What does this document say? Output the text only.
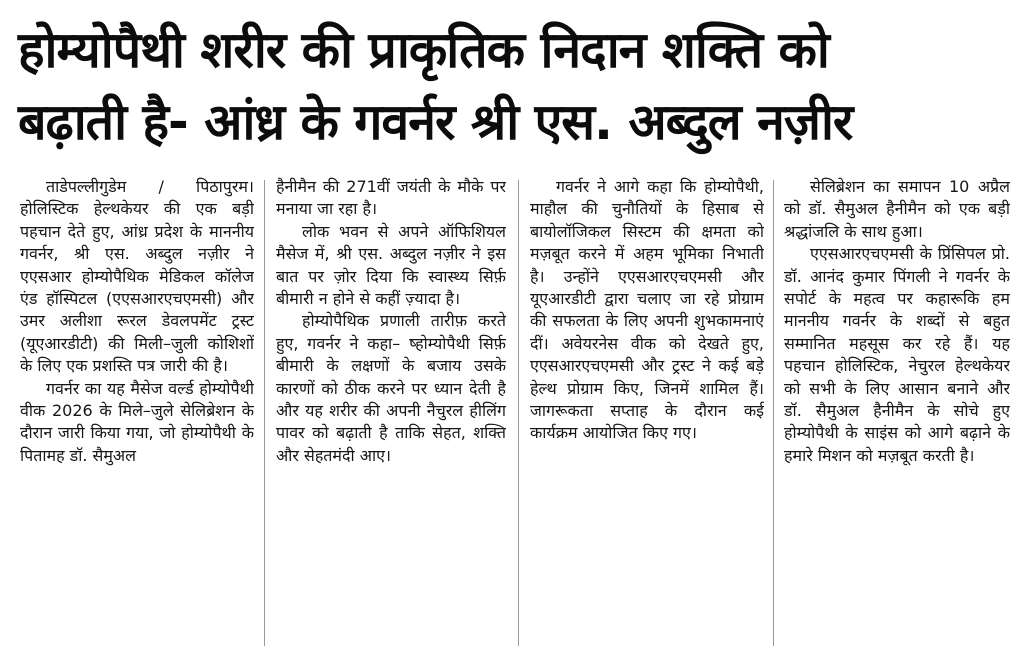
होम्योपैथी शरीर की प्राकृतिक निदान शक्ति को
बढ़ाती है- आंध्र के गवर्नर श्री एस. अब्दुल नज़ीर

ताडेपल्लीगुडेम / पिठापुरम। होलिस्टिक हेल्थकेयर की एक बड़ी पहचान देते हुए, आंध्र प्रदेश के माननीय गवर्नर, श्री एस. अब्दुल नज़ीर ने एएसआर होम्योपैथिक मेडिकल कॉलेज एंड हॉस्पिटल (एएसआरएचएमसी) और उमर अलीशा रूरल डेवलपमेंट ट्रस्ट (यूएआरडीटी) की मिली–जुली कोशिशों के लिए एक प्रशस्ति पत्र जारी की है।

गवर्नर का यह मैसेज वर्ल्ड होम्योपैथी वीक 2026 के मिले–जुले सेलिब्रेशन के दौरान जारी किया गया, जो होम्योपैथी के पितामह डॉ. सैमुअल

हैनीमैन की 271वीं जयंती के मौके पर मनाया जा रहा है।

लोक भवन से अपने ऑफिशियल मैसेज में, श्री एस. अब्दुल नज़ीर ने इस बात पर ज़ोर दिया कि स्वास्थ्य सिर्फ़ बीमारी न होने से कहीं ज़्यादा है।

होम्योपैथिक प्रणाली तारीफ़ करते हुए, गवर्नर ने कहा– ष्होम्योपैथी सिर्फ़ बीमारी के लक्षणों के बजाय उसके कारणों को ठीक करने पर ध्यान देती है और यह शरीर की अपनी नैचुरल हीलिंग पावर को बढ़ाती है ताकि सेहत, शक्ति और सेहतमंदी आए।

गवर्नर ने आगे कहा कि होम्योपैथी, माहौल की चुनौतियों के हिसाब से बायोलॉजिकल सिस्टम की क्षमता को मज़बूत करने में अहम भूमिका निभाती है। उन्होंने एएसआरएचएमसी और यूएआरडीटी द्वारा चलाए जा रहे प्रोग्राम की सफलता के लिए अपनी शुभकामनाएं दीं। अवेयरनेस वीक को देखते हुए, एएसआरएचएमसी और ट्रस्ट ने कई बड़े हेल्थ प्रोग्राम किए, जिनमें शामिल हैं। जागरूकता सप्ताह के दौरान कई कार्यक्रम आयोजित किए गए।

सेलिब्रेशन का समापन 10 अप्रैल को डॉ. सैमुअल हैनीमैन को एक बड़ी श्रद्धांजलि के साथ हुआ।

एएसआरएचएमसी के प्रिंसिपल प्रो. डॉ. आनंद कुमार पिंगली ने गवर्नर के सपोर्ट के महत्व पर कहारूकि हम माननीय गवर्नर के शब्दों से बहुत सम्मानित महसूस कर रहे हैं। यह पहचान होलिस्टिक, नेचुरल हेल्थकेयर को सभी के लिए आसान बनाने और डॉ. सैमुअल हैनीमैन के सोचे हुए होम्योपैथी के साइंस को आगे बढ़ाने के हमारे मिशन को मज़बूत करती है।
